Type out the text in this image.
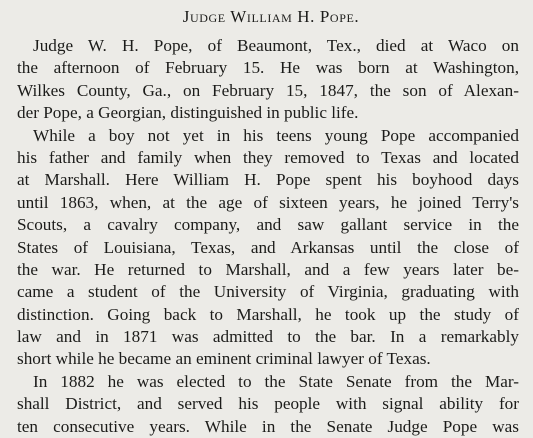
Judge William H. Pope.
Judge W. H. Pope, of Beaumont, Tex., died at Waco on
the afternoon of February 15. He was born at Washington,
Wilkes County, Ga., on February 15, 1847, the son of Alexan-
der Pope, a Georgian, distinguished in public life.
While a boy not yet in his teens young Pope accompanied
his father and family when they removed to Texas and located
at Marshall. Here William H. Pope spent his boyhood days
until 1863, when, at the age of sixteen years, he joined Terry's
Scouts, a cavalry company, and saw gallant service in the
States of Louisiana, Texas, and Arkansas until the close of
the war. He returned to Marshall, and a few years later be-
came a student of the University of Virginia, graduating with
distinction. Going back to Marshall, he took up the study of
law and in 1871 was admitted to the bar. In a remarkably
short while he became an eminent criminal lawyer of Texas.
In 1882 he was elected to the State Senate from the Mar-
shall District, and served his people with signal ability for
ten consecutive years. While in the Senate Judge Pope was
